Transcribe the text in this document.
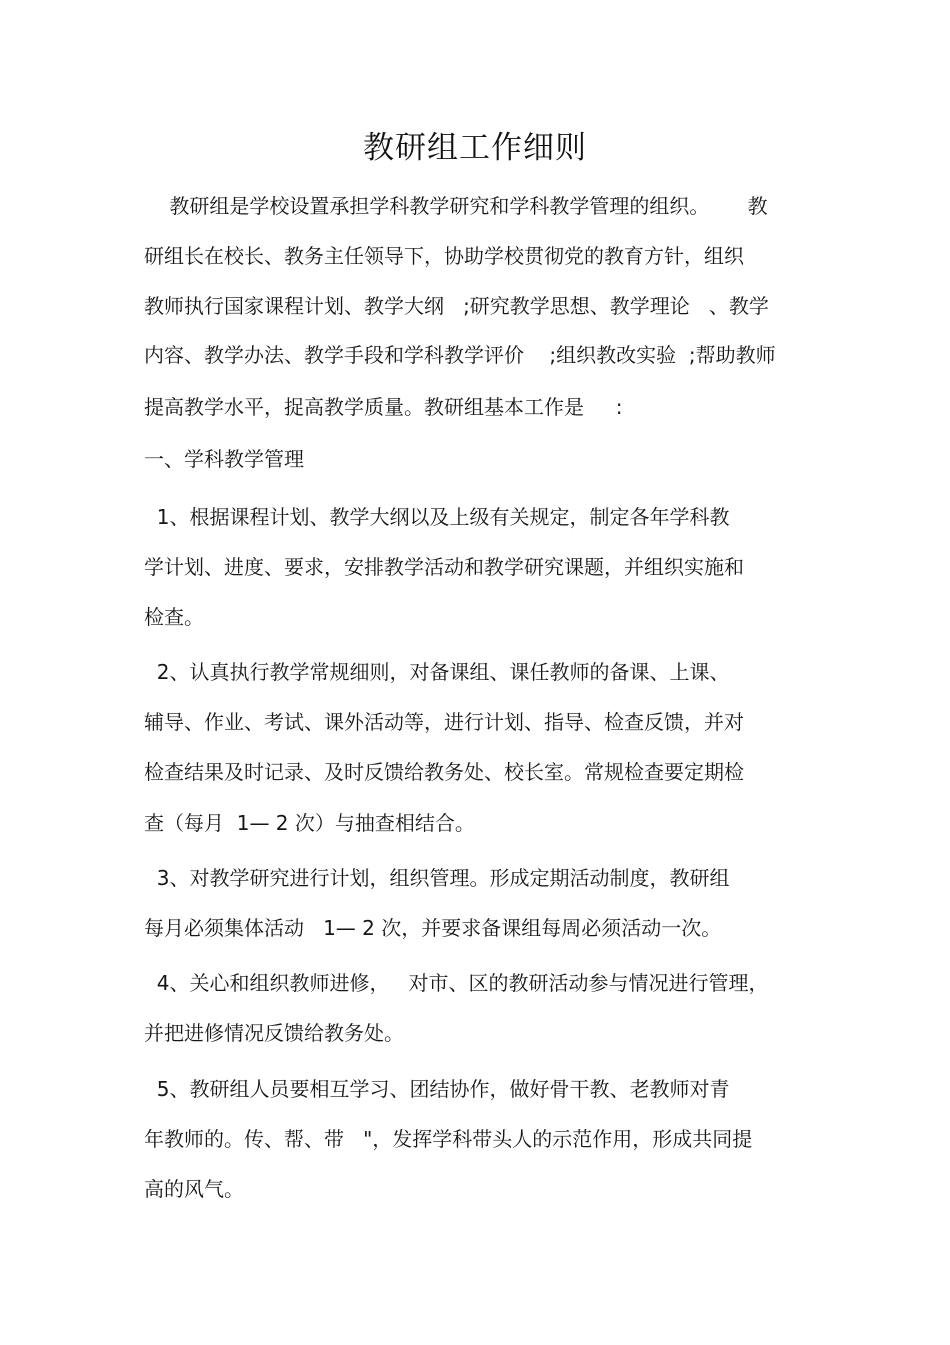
教研组工作细则
教研组是学校设置承担学科教学研究和学科教学管理的组织。      教
研组长在校长、教务主任领导下，协助学校贯彻党的教育方针，组织
教师执行国家课程计划、教学大纲   ;研究教学思想、教学理论   、教学
内容、教学办法、教学手段和学科教学评价    ;组织教改实验  ;帮助教师
提高教学水平，捉高教学质量。教研组基本工作是     :
一、学科教学管理
1、根据课程计划、教学大纲以及上级有关规定，制定各年学科教
学计划、进度、要求，安排教学活动和教学研究课题，并组织实施和
检查。
2、认真执行教学常规细则，对备课组、课任教师的备课、上课、
辅导、作业、考试、课外活动等，进行计划、指导、检查反馈，并对
检查结果及时记录、及时反馈给教务处、校长室。常规检查要定期检
查（每月  1— 2 次）与抽查相结合。
3、对教学研究进行计划，组织管理。形成定期活动制度，教研组
每月必须集体活动   1— 2 次，并要求备课组每周必须活动一次。
4、关心和组织教师进修，   对市、区的教研活动参与情况进行管理，
并把进修情况反馈给教务处。
5、教研组人员要相互学习、团结协作，做好骨干教、老教师对青
年教师的。传、帮、带   "，发挥学科带头人的示范作用，形成共同提
高的风气。
